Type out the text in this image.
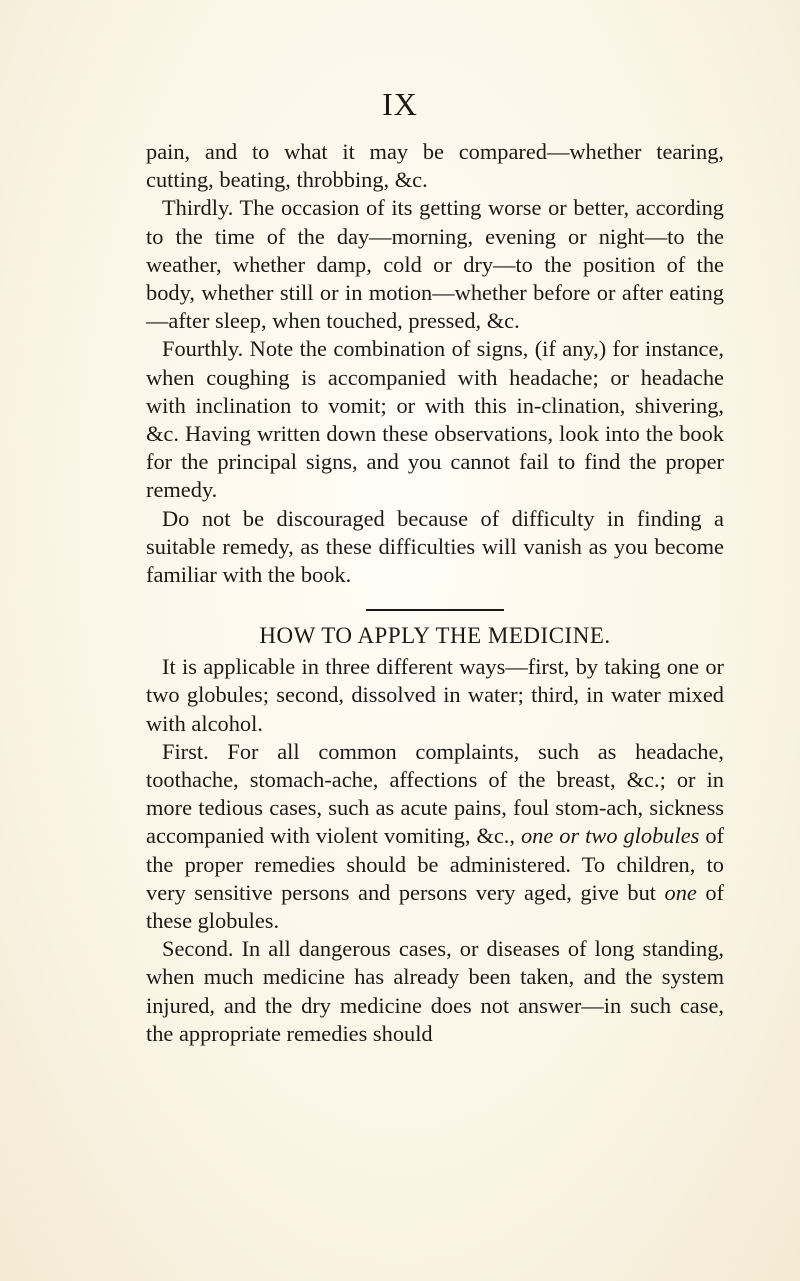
IX

pain, and to what it may be compared—whether tearing, cutting, beating, throbbing, &c.

Thirdly. The occasion of its getting worse or better, according to the time of the day—morning, evening or night—to the weather, whether damp, cold or dry—to the position of the body, whether still or in motion—whether before or after eating—after sleep, when touched, pressed, &c.

Fourthly. Note the combination of signs, (if any,) for instance, when coughing is accompanied with headache; or headache with inclination to vomit; or with this in-clination, shivering, &c. Having written down these observations, look into the book for the principal signs, and you cannot fail to find the proper remedy.

Do not be discouraged because of difficulty in finding a suitable remedy, as these difficulties will vanish as you become familiar with the book.

HOW TO APPLY THE MEDICINE.

It is applicable in three different ways—first, by taking one or two globules; second, dissolved in water; third, in water mixed with alcohol.

First. For all common complaints, such as headache, toothache, stomach-ache, affections of the breast, &c.; or in more tedious cases, such as acute pains, foul stom-ach, sickness accompanied with violent vomiting, &c., one or two globules of the proper remedies should be administered. To children, to very sensitive persons and persons very aged, give but one of these globules.

Second. In all dangerous cases, or diseases of long standing, when much medicine has already been taken, and the system injured, and the dry medicine does not answer—in such case, the appropriate remedies should
